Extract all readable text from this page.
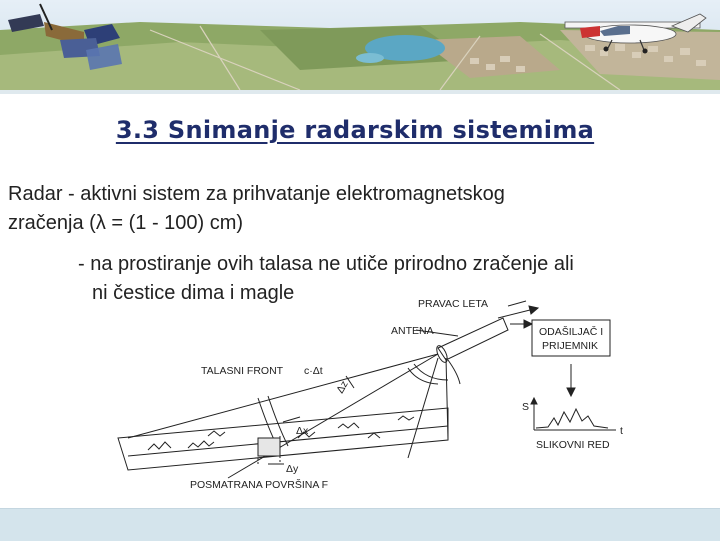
3.3 Snimanje radarskim sistemima
Radar - aktivni sistem za prihvatanje elektromagnetskog
zračenja (λ = (1 - 100) cm)
- na prostiranje ovih talasa ne utiče prirodno zračenje ali
ni čestice dima i magle	PRAVAC LETA
ANTENA	ODAŠILJAČ I
PRIJEMNIK
TALASNI FRONT c·Δt
Δz
Δx
Δy
POSMATRANA POVRŠINA F
S
t
SLIKOVNI RED
